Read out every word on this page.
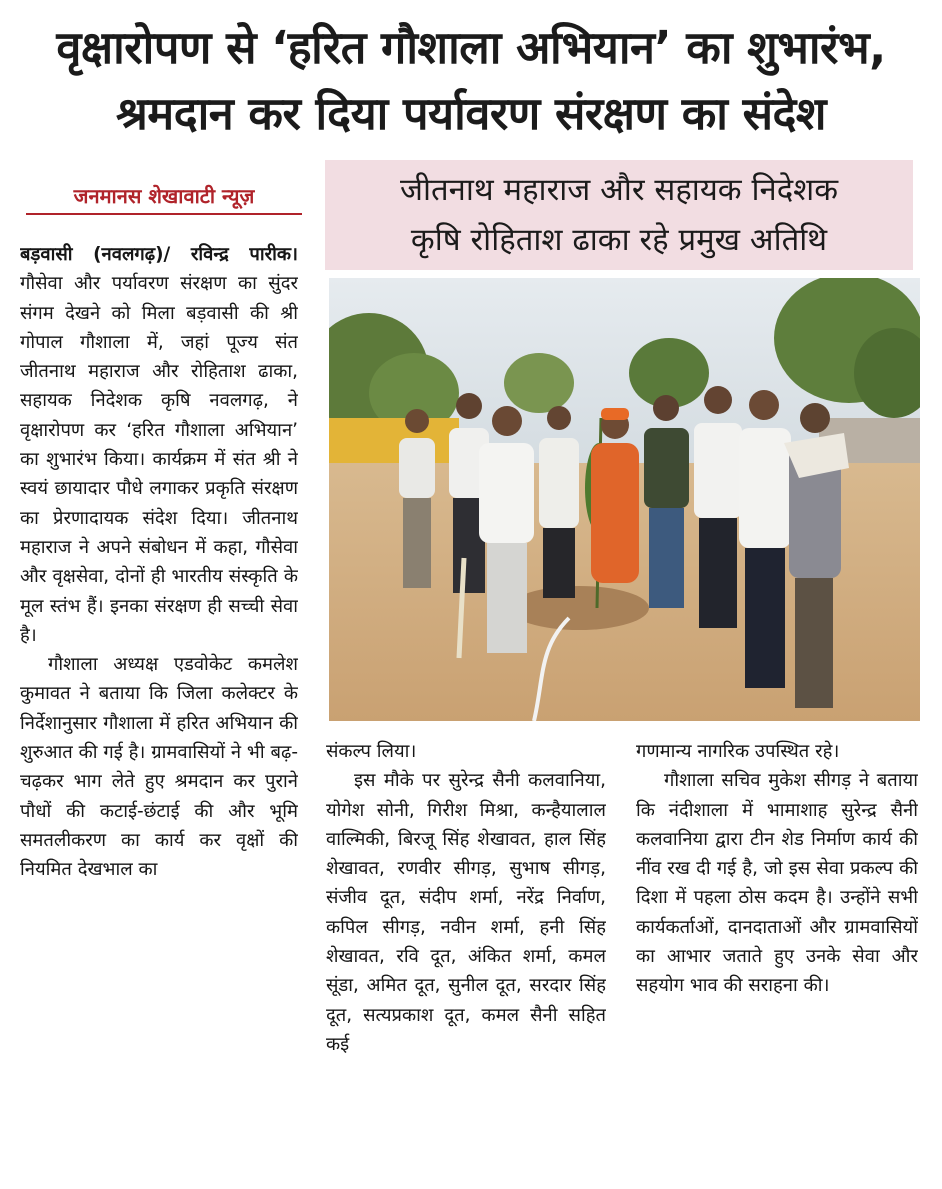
वृक्षारोपण से ‘हरित गौशाला अभियान’ का शुभारंभ,
श्रमदान कर दिया पर्यावरण संरक्षण का संदेश
जनमानस शेखावाटी न्यूज़	जीतनाथ महाराज और सहायक निदेशक
कृषि रोहिताश ढाका रहे प्रमुख अतिथि

बड़वासी (नवलगढ़)/ रविन्द्र पारीक। गौसेवा और पर्यावरण संरक्षण का सुंदर संगम देखने को मिला बड़वासी की श्री गोपाल गौशाला में, जहां पूज्य संत जीतनाथ महाराज और रोहिताश ढाका, सहायक निदेशक कृषि नवलगढ़, ने वृक्षारोपण कर ‘हरित गौशाला अभियान’ का शुभारंभ किया। कार्यक्रम में संत श्री ने स्वयं छायादार पौधे लगाकर प्रकृति संरक्षण का प्रेरणादायक संदेश दिया। जीतनाथ महाराज ने अपने संबोधन में कहा, गौसेवा और वृक्षसेवा, दोनों ही भारतीय संस्कृति के मूल स्तंभ हैं। इनका संरक्षण ही सच्ची सेवा है।

गौशाला अध्यक्ष एडवोकेट कमलेश कुमावत ने बताया कि जिला कलेक्टर के निर्देशानुसार गौशाला में हरित अभियान की शुरुआत की गई है। ग्रामवासियों ने भी बढ़-चढ़कर भाग लेते हुए श्रमदान कर पुराने पौधों की कटाई-छंटाई की और भूमि समतलीकरण का कार्य कर वृक्षों की नियमित देखभाल का

संकल्प लिया।

इस मौके पर सुरेन्द्र सैनी कलवानिया, योगेश सोनी, गिरीश मिश्रा, कन्हैयालाल वाल्मिकी, बिरजू सिंह शेखावत, हाल सिंह शेखावत, रणवीर सीगड़, सुभाष सीगड़, संजीव दूत, संदीप शर्मा, नरेंद्र निर्वाण, कपिल सीगड़, नवीन शर्मा, हनी सिंह शेखावत, रवि दूत, अंकित शर्मा, कमल सूंडा, अमित दूत, सुनील दूत, सरदार सिंह दूत, सत्यप्रकाश दूत, कमल सैनी सहित कई

गणमान्य नागरिक उपस्थित रहे।

गौशाला सचिव मुकेश सीगड़ ने बताया कि नंदीशाला में भामाशाह सुरेन्द्र सैनी कलवानिया द्वारा टीन शेड निर्माण कार्य की नींव रख दी गई है, जो इस सेवा प्रकल्प की दिशा में पहला ठोस कदम है। उन्होंने सभी कार्यकर्ताओं, दानदाताओं और ग्रामवासियों का आभार जताते हुए उनके सेवा और सहयोग भाव की सराहना की।
